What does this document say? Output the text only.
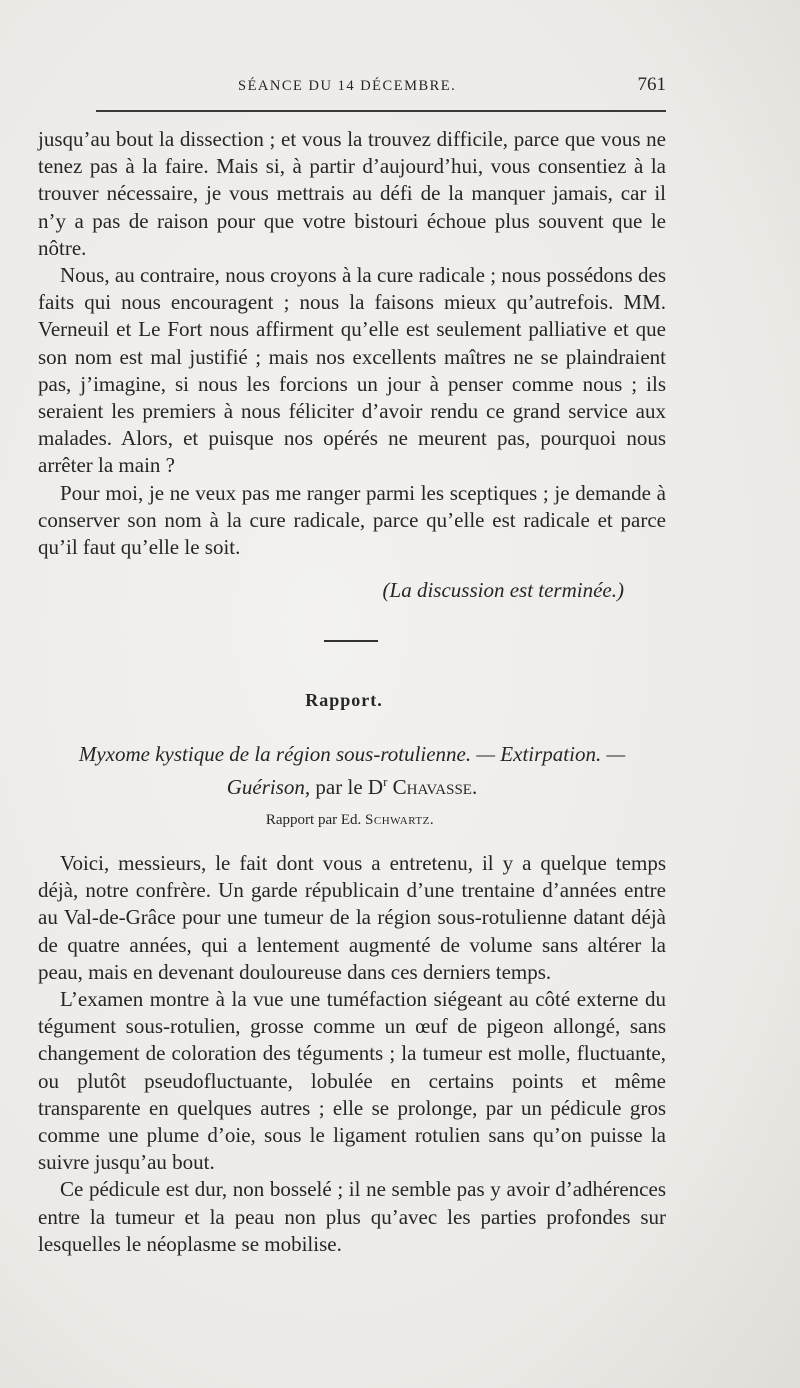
SÉANCE DU 14 DÉCEMBRE.	761

jusqu’au bout la dissection ; et vous la trouvez difficile, parce que vous ne tenez pas à la faire. Mais si, à partir d’aujourd’hui, vous consentiez à la trouver nécessaire, je vous mettrais au défi de la manquer jamais, car il n’y a pas de raison pour que votre bistouri échoue plus souvent que le nôtre.

Nous, au contraire, nous croyons à la cure radicale ; nous possédons des faits qui nous encouragent ; nous la faisons mieux qu’autrefois. MM. Verneuil et Le Fort nous affirment qu’elle est seulement palliative et que son nom est mal justifié ; mais nos excellents maîtres ne se plaindraient pas, j’imagine, si nous les forcions un jour à penser comme nous ; ils seraient les premiers à nous féliciter d’avoir rendu ce grand service aux malades. Alors, et puisque nos opérés ne meurent pas, pourquoi nous arrêter la main ?

Pour moi, je ne veux pas me ranger parmi les sceptiques ; je demande à conserver son nom à la cure radicale, parce qu’elle est radicale et parce qu’il faut qu’elle le soit.

(La discussion est terminée.)
Rapport.
Myxome kystique de la région sous-rotulienne. — Extirpation. —
Guérison, par le $D^r$ Chavasse.
Rapport par Ed. Schwartz.

Voici, messieurs, le fait dont vous a entretenu, il y a quelque temps déjà, notre confrère. Un garde républicain d’une trentaine d’années entre au Val-de-Grâce pour une tumeur de la région sous-rotulienne datant déjà de quatre années, qui a lentement augmenté de volume sans altérer la peau, mais en devenant douloureuse dans ces derniers temps.

L’examen montre à la vue une tuméfaction siégeant au côté externe du tégument sous-rotulien, grosse comme un œuf de pigeon allongé, sans changement de coloration des téguments ; la tumeur est molle, fluctuante, ou plutôt pseudofluctuante, lobulée en certains points et même transparente en quelques autres ; elle se prolonge, par un pédicule gros comme une plume d’oie, sous le ligament rotulien sans qu’on puisse la suivre jusqu’au bout.

Ce pédicule est dur, non bosselé ; il ne semble pas y avoir d’adhérences entre la tumeur et la peau non plus qu’avec les parties profondes sur lesquelles le néoplasme se mobilise.
